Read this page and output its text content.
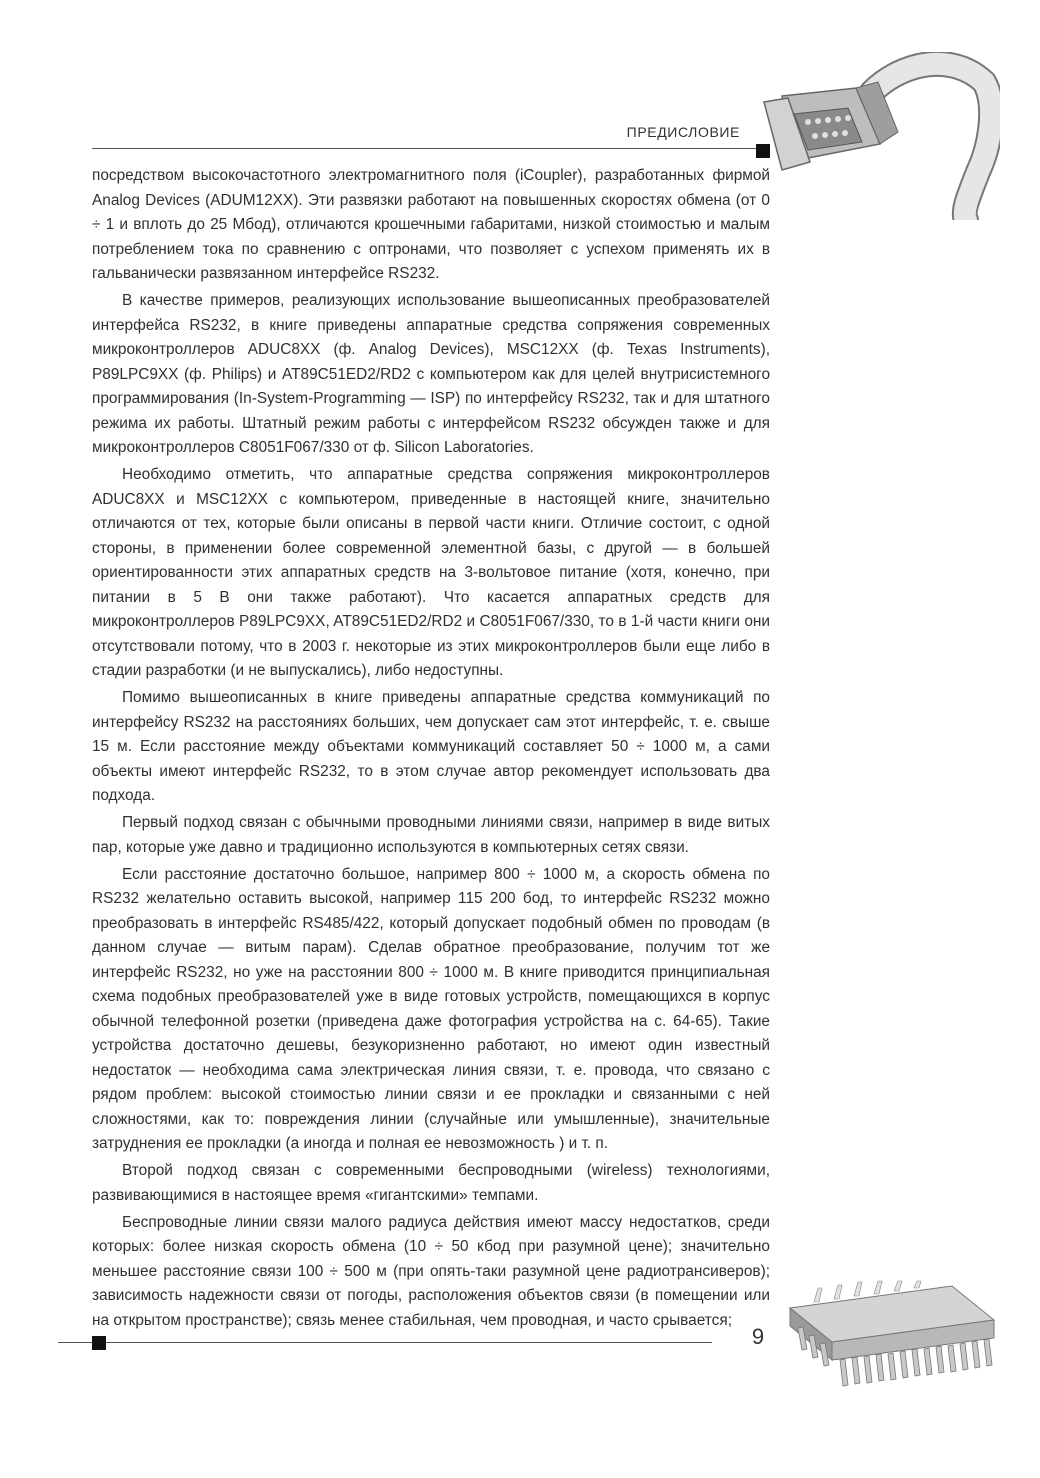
ПРЕДИСЛОВИЕ

посредством высокочастотного электромагнитного поля (iCoupler), разработанных фирмой Analog Devices (ADUM12XX). Эти развязки работают на повышенных скоростях обмена (от 0 ÷ 1 и вплоть до 25 Мбод), отличаются крошечными габаритами, низкой стоимостью и малым потреблением тока по сравнению с оптронами, что позволяет с успехом применять их в гальванически развязанном интерфейсе RS232.

В качестве примеров, реализующих использование вышеописанных преобразователей интерфейса RS232, в книге приведены аппаратные средства сопряжения современных микроконтроллеров ADUC8XX (ф. Analog Devices), MSC12XX (ф. Texas Instruments), P89LPC9XX (ф. Philips) и AT89C51ED2/RD2 с компьютером как для целей внутрисистемного программирования (In-System-Programming — ISP) по интерфейсу RS232, так и для штатного режима их работы. Штатный режим работы с интерфейсом RS232 обсужден также и для микроконтроллеров C8051F067/330 от ф. Silicon Laboratories.

Необходимо отметить, что аппаратные средства сопряжения микроконтроллеров ADUC8XX и MSC12XX с компьютером, приведенные в настоящей книге, значительно отличаются от тех, которые были описаны в первой части книги. Отличие состоит, с одной стороны, в применении более современной элементной базы, с другой — в большей ориентированности этих аппаратных средств на 3-вольтовое питание (хотя, конечно, при питании в 5 В они также работают). Что касается аппаратных средств для микроконтроллеров P89LPC9XX, AT89C51ED2/RD2 и C8051F067/330, то в 1-й части книги они отсутствовали потому, что в 2003 г. некоторые из этих микроконтроллеров были еще либо в стадии разработки (и не выпускались), либо недоступны.

Помимо вышеописанных в книге приведены аппаратные средства коммуникаций по интерфейсу RS232 на расстояниях больших, чем допускает сам этот интерфейс, т. е. свыше 15 м. Если расстояние между объектами коммуникаций составляет 50 ÷ 1000 м, а сами объекты имеют интерфейс RS232, то в этом случае автор рекомендует использовать два подхода.

Первый подход связан с обычными проводными линиями связи, например в виде витых пар, которые уже давно и традиционно используются в компьютерных сетях связи.

Если расстояние достаточно большое, например 800 ÷ 1000 м, а скорость обмена по RS232 желательно оставить высокой, например 115 200 бод, то интерфейс RS232 можно преобразовать в интерфейс RS485/422, который допускает подобный обмен по проводам (в данном случае — витым парам). Сделав обратное преобразование, получим тот же интерфейс RS232, но уже на расстоянии 800 ÷ 1000 м. В книге приводится принципиальная схема подобных преобразователей уже в виде готовых устройств, помещающихся в корпус обычной телефонной розетки (приведена даже фотография устройства на с. 64-65). Такие устройства достаточно дешевы, безукоризненно работают, но имеют один известный недостаток — необходима сама электрическая линия связи, т. е. провода, что связано с рядом проблем: высокой стоимостью линии связи и ее прокладки и связанными с ней сложностями, как то: повреждения линии (случайные или умышленные), значительные затруднения ее прокладки (а иногда и полная ее невозможность ) и т. п.

Второй подход связан с современными беспроводными (wireless) технологиями, развивающимися в настоящее время «гигантскими» темпами.

Беспроводные линии связи малого радиуса действия имеют массу недостатков, среди которых: более низкая скорость обмена (10 ÷ 50 кбод при разумной цене); значительно меньшее расстояние связи 100 ÷ 500 м (при опять-таки разумной цене радиотрансиверов); зависимость надежности связи от погоды, расположения объектов связи (в помещении или на открытом пространстве); связь менее стабильная, чем проводная, и часто срывается;

9
